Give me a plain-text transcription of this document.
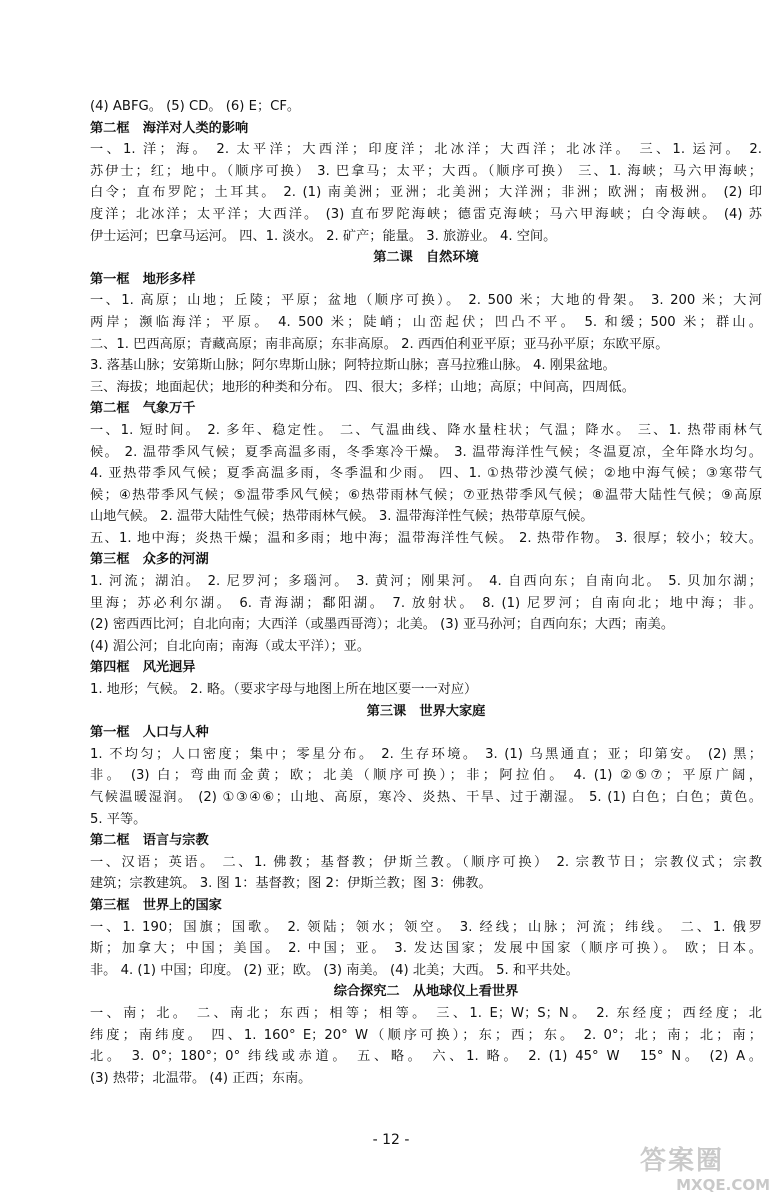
(4) ABFG。 (5) CD。 (6) E；CF。
第二框　海洋对人类的影响
一、1. 洋；海。 2. 太平洋；大西洋；印度洋；北冰洋；大西洋；北冰洋。 三、1. 运河。 2.
苏伊士；红；地中。（顺序可换） 3. 巴拿马；太平；大西。（顺序可换） 三、1. 海峡；马六甲海峡；
白令；直布罗陀；土耳其。 2. (1) 南美洲；亚洲；北美洲；大洋洲；非洲；欧洲；南极洲。 (2) 印
度洋；北冰洋；太平洋；大西洋。 (3) 直布罗陀海峡；德雷克海峡；马六甲海峡；白令海峡。 (4) 苏
伊士运河；巴拿马运河。 四、1. 淡水。 2. 矿产；能量。 3. 旅游业。 4. 空间。
第二课　自然环境
第一框　地形多样
一、1. 高原；山地；丘陵；平原；盆地（顺序可换）。 2. 500 米；大地的骨架。 3. 200 米；大河
两岸；濒临海洋；平原。 4. 500 米；陡峭；山峦起伏；凹凸不平。 5. 和缓；500 米；群山。
二、1. 巴西高原；青藏高原；南非高原；东非高原。 2. 西西伯利亚平原；亚马孙平原；东欧平原。
3. 落基山脉；安第斯山脉；阿尔卑斯山脉；阿特拉斯山脉；喜马拉雅山脉。 4. 刚果盆地。
三、海拔；地面起伏；地形的种类和分布。 四、很大；多样；山地；高原；中间高，四周低。
第二框　气象万千
一、1. 短时间。 2. 多年、稳定性。 二、气温曲线、降水量柱状；气温；降水。 三、1. 热带雨林气
候。 2. 温带季风气候；夏季高温多雨，冬季寒冷干燥。 3. 温带海洋性气候；冬温夏凉，全年降水均匀。
4. 亚热带季风气候；夏季高温多雨，冬季温和少雨。 四、1. ①热带沙漠气候；②地中海气候；③寒带气
候；④热带季风气候；⑤温带季风气候；⑥热带雨林气候；⑦亚热带季风气候；⑧温带大陆性气候；⑨高原
山地气候。 2. 温带大陆性气候；热带雨林气候。 3. 温带海洋性气候；热带草原气候。
五、1. 地中海；炎热干燥；温和多雨；地中海；温带海洋性气候。 2. 热带作物。 3. 很厚；较小；较大。
第三框　众多的河湖
1. 河流；湖泊。 2. 尼罗河；多瑙河。 3. 黄河；刚果河。 4. 自西向东；自南向北。 5. 贝加尔湖；
里海；苏必利尔湖。 6. 青海湖；鄱阳湖。 7. 放射状。 8. (1) 尼罗河；自南向北；地中海；非。
(2) 密西西比河；自北向南；大西洋（或墨西哥湾）；北美。 (3) 亚马孙河；自西向东；大西；南美。
(4) 湄公河；自北向南；南海（或太平洋）；亚。
第四框　风光迥异
1. 地形；气候。 2. 略。（要求字母与地图上所在地区要一一对应）
第三课　世界大家庭
第一框　人口与人种
1. 不均匀；人口密度；集中；零星分布。 2. 生存环境。 3. (1) 乌黑通直；亚；印第安。 (2) 黑；
非。 (3) 白；弯曲而金黄；欧；北美（顺序可换）；非；阿拉伯。 4. (1) ②⑤⑦；平原广阔，
气候温暖湿润。 (2) ①③④⑥；山地、高原，寒冷、炎热、干旱、过于潮湿。 5. (1) 白色；白色；黄色。
5. 平等。
第二框　语言与宗教
一、汉语；英语。 二、1. 佛教；基督教；伊斯兰教。（顺序可换） 2. 宗教节日；宗教仪式；宗教
建筑；宗教建筑。 3. 图 1：基督教；图 2：伊斯兰教；图 3：佛教。
第三框　世界上的国家
一、1. 190；国旗；国歌。 2. 领陆；领水；领空。 3. 经线；山脉；河流；纬线。 二、1. 俄罗
斯；加拿大；中国；美国。 2. 中国；亚。 3. 发达国家；发展中国家（顺序可换）。 欧；日本。
非。 4. (1) 中国；印度。 (2) 亚；欧。 (3) 南美。 (4) 北美；大西。 5. 和平共处。
综合探究二　从地球仪上看世界
一、南；北。 二、南北；东西；相等；相等。 三、1. E；W；S；N。 2. 东经度；西经度；北
纬度；南纬度。 四、1. 160° E；20° W（顺序可换）；东；西；东。 2. 0°；北；南；北；南；
北。 3. 0°；180°；0° 纬线或赤道。 五、略。 六、1. 略。 2. (1) 45° W　15° N。 (2) A。
(3) 热带；北温带。 (4) 正西；东南。
- 12 -
答案圈
MXQE.COM
